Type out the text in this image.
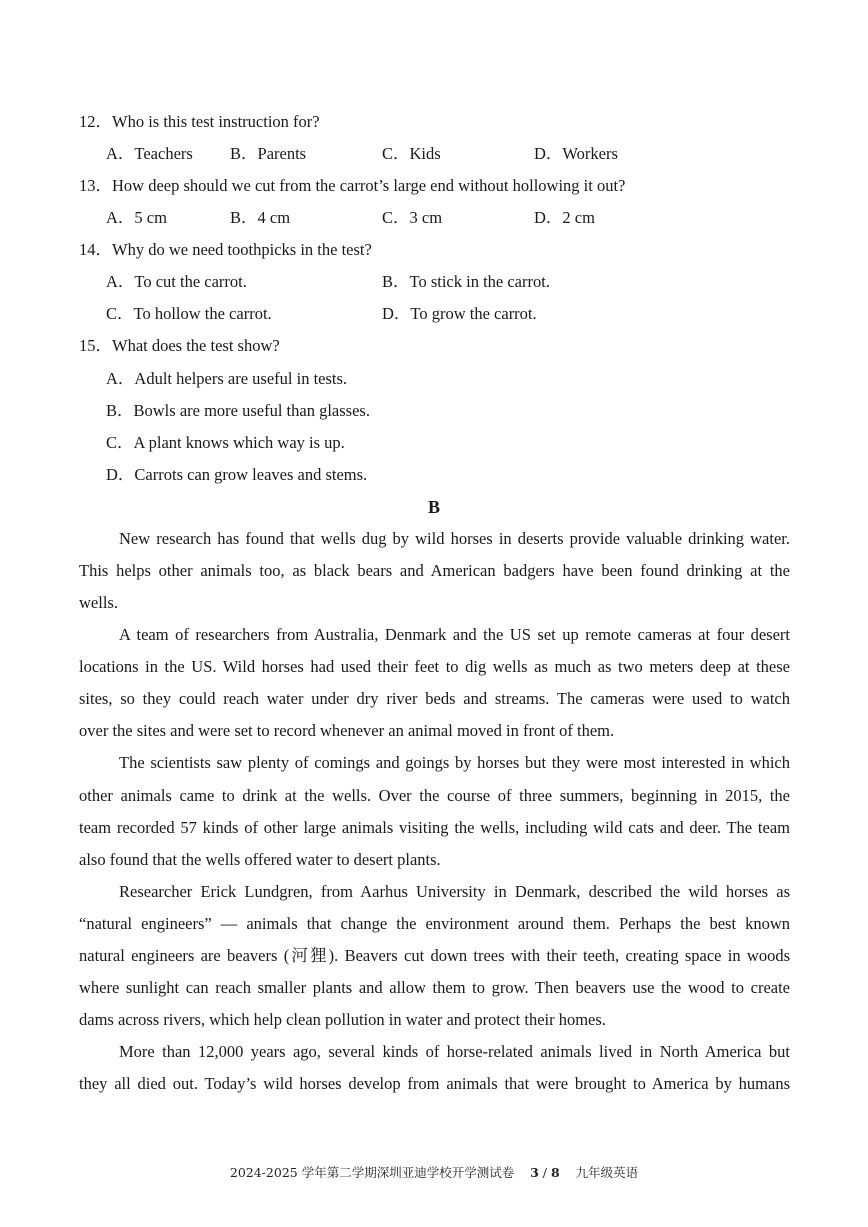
12．Who is this test instruction for?
A．Teachers B．Parents	C．Kids	D．Workers
13．How deep should we cut from the carrot’s large end without hollowing it out?
A．5 cm	B．4 cm	C．3 cm	D．2 cm
14．Why do we need toothpicks in the test?
A．To cut the carrot.	B．To stick in the carrot.
C．To hollow the carrot.	D．To grow the carrot.
15．What does the test show?
A．Adult helpers are useful in tests.
B．Bowls are more useful than glasses.
C．A plant knows which way is up.
D．Carrots can grow leaves and stems.
B
New research has found that wells dug by wild horses in deserts provide valuable drinking water.
This helps other animals too, as black bears and American badgers have been found drinking at the
wells.
A team of researchers from Australia, Denmark and the US set up remote cameras at four desert
locations in the US. Wild horses had used their feet to dig wells as much as two meters deep at these
sites, so they could reach water under dry river beds and streams. The cameras were used to watch
over the sites and were set to record whenever an animal moved in front of them.
The scientists saw plenty of comings and goings by horses but they were most interested in which
other animals came to drink at the wells. Over the course of three summers, beginning in 2015, the
team recorded 57 kinds of other large animals visiting the wells, including wild cats and deer. The team
also found that the wells offered water to desert plants.
Researcher Erick Lundgren, from Aarhus University in Denmark, described the wild horses as
“natural engineers” — animals that change the environment around them. Perhaps the best known
natural engineers are beavers (河狸). Beavers cut down trees with their teeth, creating space in woods
where sunlight can reach smaller plants and allow them to grow. Then beavers use the wood to create
dams across rivers, which help clean pollution in water and protect their homes.
More than 12,000 years ago, several kinds of horse-related animals lived in North America but
they all died out. Today’s wild horses develop from animals that were brought to America by humans
2024-2025 学年第二学期深圳亚迪学校开学测试卷 3 / 8 九年级英语
